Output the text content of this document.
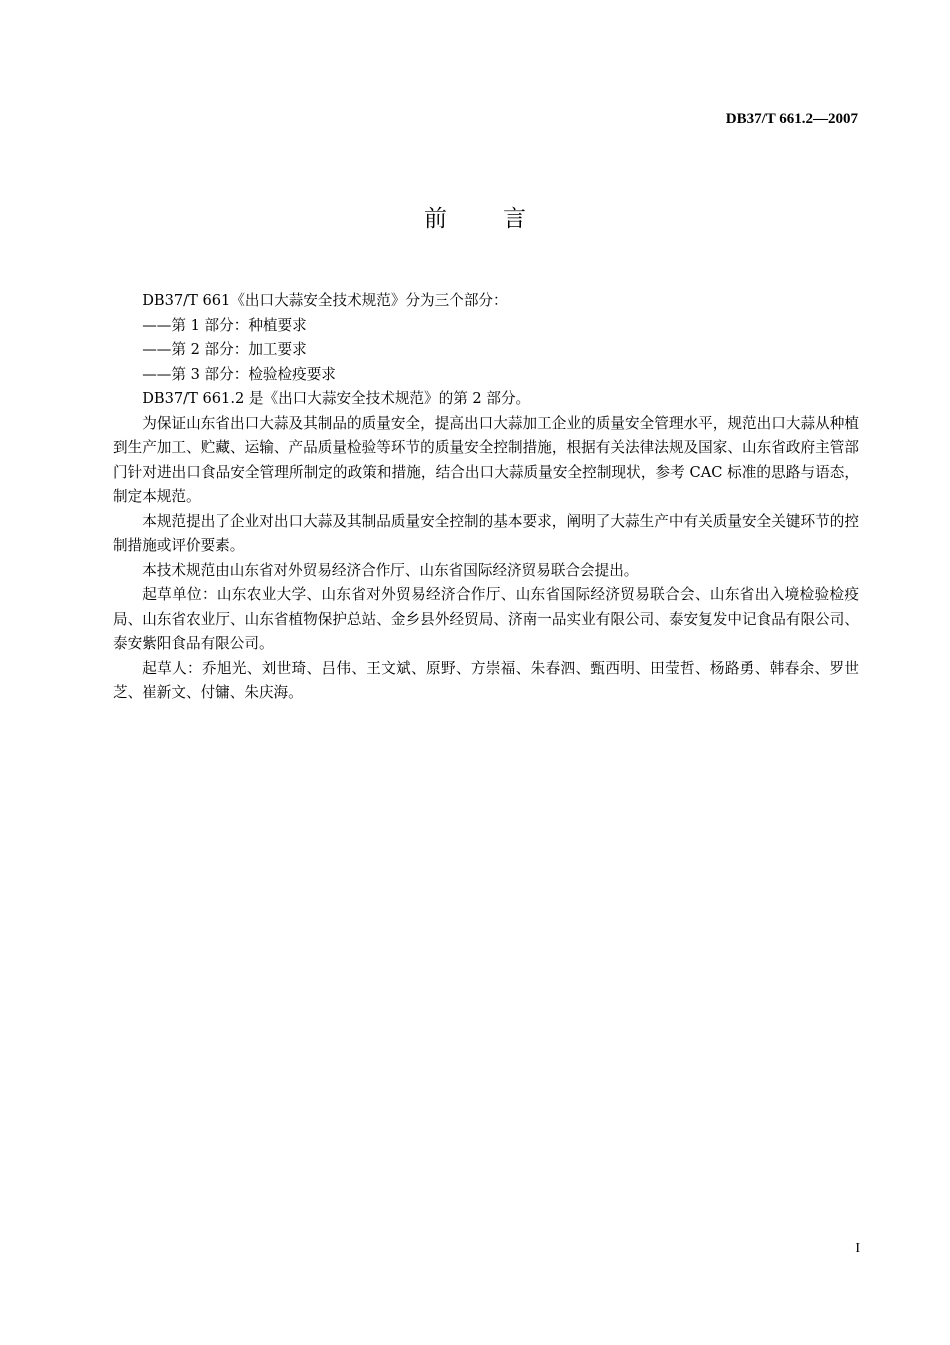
DB37/T 661.2—2007
前 言

DB37/T 661《出口大蒜安全技术规范》分为三个部分：

——第 1 部分：种植要求

——第 2 部分：加工要求

——第 3 部分：检验检疫要求

DB37/T 661.2 是《出口大蒜安全技术规范》的第 2 部分。

为保证山东省出口大蒜及其制品的质量安全，提高出口大蒜加工企业的质量安全管理水平，规范出口大蒜从种植到生产加工、贮藏、运输、产品质量检验等环节的质量安全控制措施，根据有关法律法规及国家、山东省政府主管部门针对进出口食品安全管理所制定的政策和措施，结合出口大蒜质量安全控制现状，参考 CAC 标准的思路与语态，制定本规范。

本规范提出了企业对出口大蒜及其制品质量安全控制的基本要求，阐明了大蒜生产中有关质量安全关键环节的控制措施或评价要素。

本技术规范由山东省对外贸易经济合作厅、山东省国际经济贸易联合会提出。

起草单位：山东农业大学、山东省对外贸易经济合作厅、山东省国际经济贸易联合会、山东省出入境检验检疫局、山东省农业厅、山东省植物保护总站、金乡县外经贸局、济南一品实业有限公司、泰安复发中记食品有限公司、泰安紫阳食品有限公司。

起草人：乔旭光、刘世琦、吕伟、王文斌、原野、方崇福、朱春泗、甄西明、田莹哲、杨路勇、韩春余、罗世芝、崔新文、付镛、朱庆海。

I
